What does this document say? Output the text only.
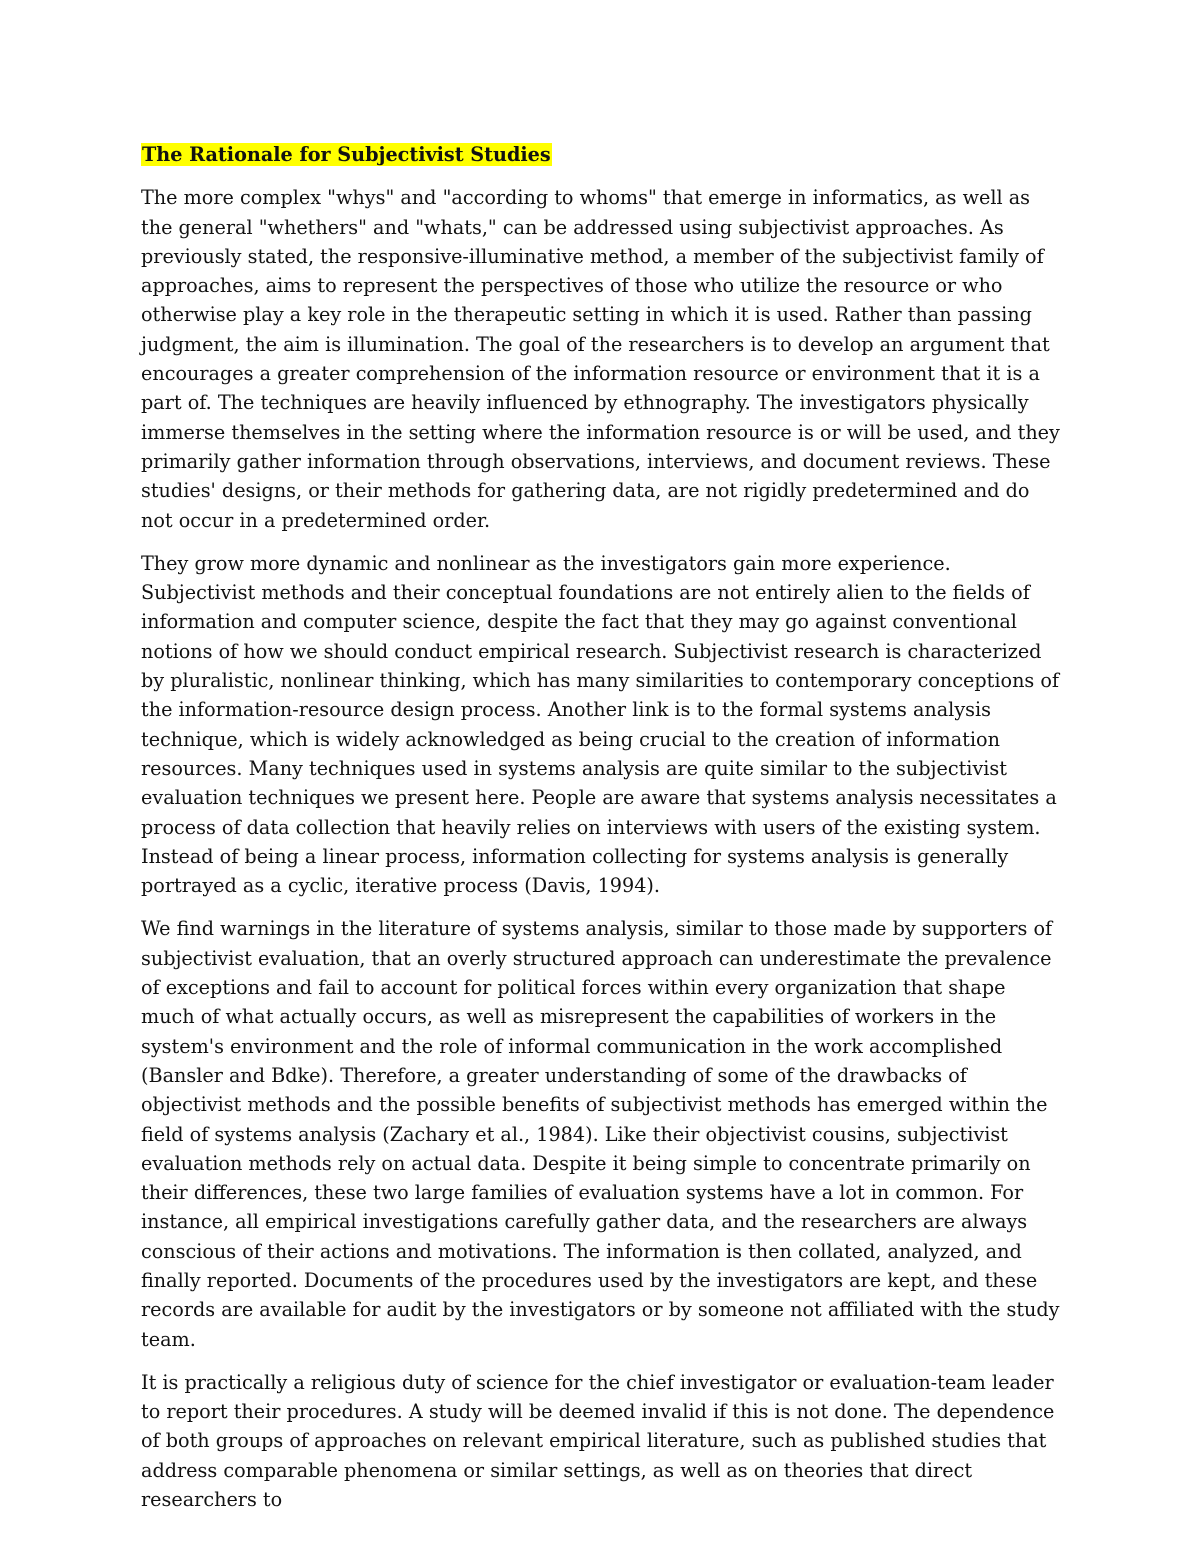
The Rationale for Subjectivist Studies

The more complex "whys" and "according to whoms" that emerge in informatics, as well as the general "whethers" and "whats," can be addressed using subjectivist approaches. As previously stated, the responsive-illuminative method, a member of the subjectivist family of approaches, aims to represent the perspectives of those who utilize the resource or who otherwise play a key role in the therapeutic setting in which it is used. Rather than passing judgment, the aim is illumination. The goal of the researchers is to develop an argument that encourages a greater comprehension of the information resource or environment that it is a part of. The techniques are heavily influenced by ethnography. The investigators physically immerse themselves in the setting where the information resource is or will be used, and they primarily gather information through observations, interviews, and document reviews. These studies' designs, or their methods for gathering data, are not rigidly predetermined and do not occur in a predetermined order.

They grow more dynamic and nonlinear as the investigators gain more experience. Subjectivist methods and their conceptual foundations are not entirely alien to the fields of information and computer science, despite the fact that they may go against conventional notions of how we should conduct empirical research. Subjectivist research is characterized by pluralistic, nonlinear thinking, which has many similarities to contemporary conceptions of the information-resource design process. Another link is to the formal systems analysis technique, which is widely acknowledged as being crucial to the creation of information resources. Many techniques used in systems analysis are quite similar to the subjectivist evaluation techniques we present here. People are aware that systems analysis necessitates a process of data collection that heavily relies on interviews with users of the existing system. Instead of being a linear process, information collecting for systems analysis is generally portrayed as a cyclic, iterative process (Davis, 1994).

We find warnings in the literature of systems analysis, similar to those made by supporters of subjectivist evaluation, that an overly structured approach can underestimate the prevalence of exceptions and fail to account for political forces within every organization that shape much of what actually occurs, as well as misrepresent the capabilities of workers in the system's environment and the role of informal communication in the work accomplished (Bansler and Bdke). Therefore, a greater understanding of some of the drawbacks of objectivist methods and the possible benefits of subjectivist methods has emerged within the field of systems analysis (Zachary et al., 1984). Like their objectivist cousins, subjectivist evaluation methods rely on actual data. Despite it being simple to concentrate primarily on their differences, these two large families of evaluation systems have a lot in common. For instance, all empirical investigations carefully gather data, and the researchers are always conscious of their actions and motivations. The information is then collated, analyzed, and finally reported. Documents of the procedures used by the investigators are kept, and these records are available for audit by the investigators or by someone not affiliated with the study team.

It is practically a religious duty of science for the chief investigator or evaluation-team leader to report their procedures. A study will be deemed invalid if this is not done. The dependence of both groups of approaches on relevant empirical literature, such as published studies that address comparable phenomena or similar settings, as well as on theories that direct researchers to
